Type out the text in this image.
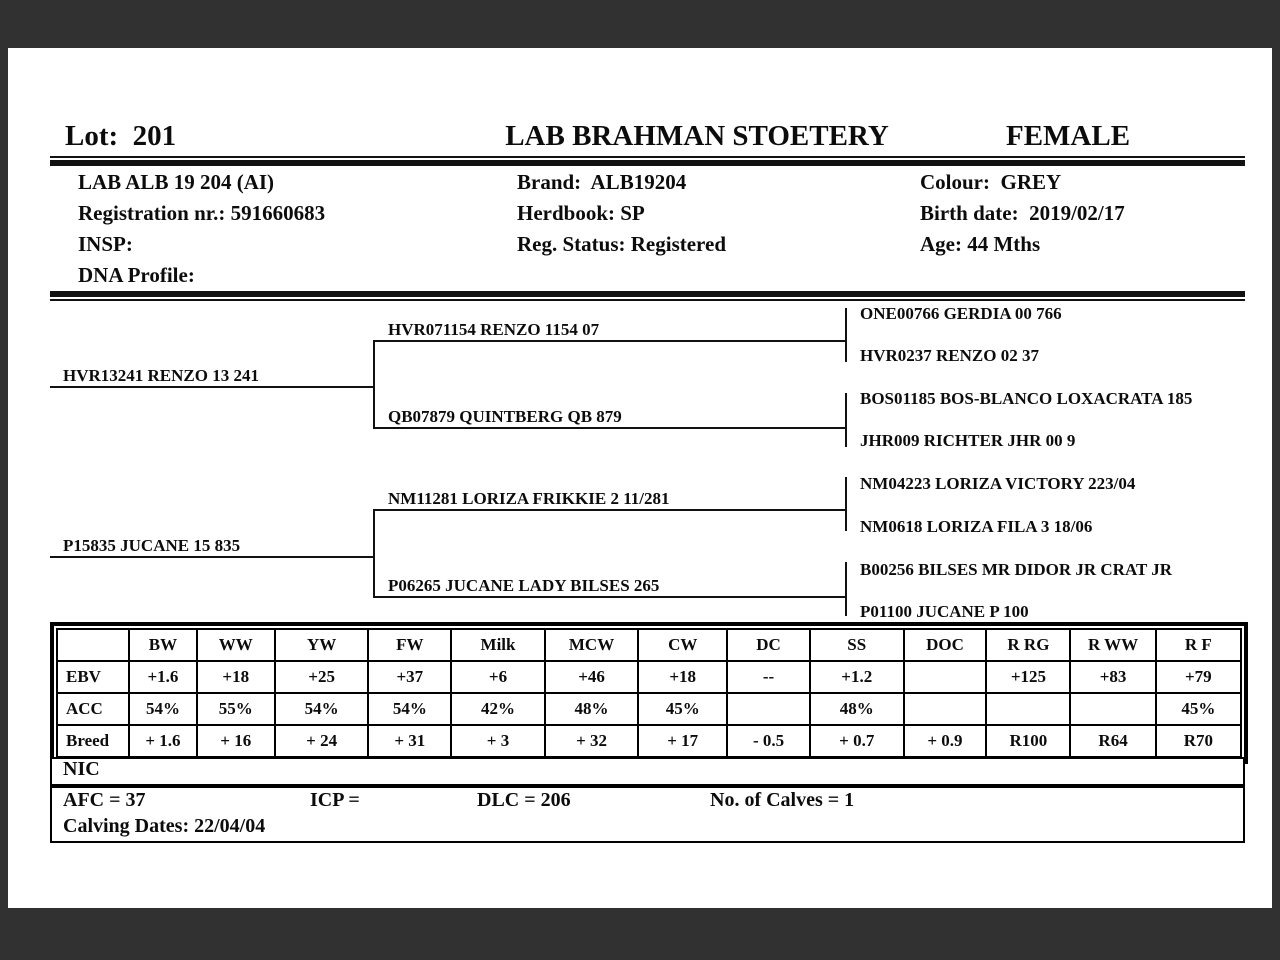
Lot:  201	LAB BRAHMAN STOETERY	FEMALE
LAB ALB 19 204 (AI)
Registration nr.: 591660683
INSP:
DNA Profile:
Brand:  ALB19204
Herdbook: SP
Reg. Status: Registered
Colour:  GREY
Birth date:  2019/02/17
Age: 44 Mths
HVR13241 RENZO 13 241
P15835 JUCANE 15 835
HVR071154 RENZO 1154 07
QB07879 QUINTBERG QB 879
NM11281 LORIZA FRIKKIE 2 11/281
P06265 JUCANE LADY BILSES 265
ONE00766 GERDIA 00 766
HVR0237 RENZO 02 37
BOS01185 BOS-BLANCO LOXACRATA 185
JHR009 RICHTER JHR 00 9
NM04223 LORIZA VICTORY 223/04
NM0618 LORIZA FILA 3 18/06
B00256 BILSES MR DIDOR JR CRAT JR
P01100 JUCANE P 100
	BW	WW	YW	FW	Milk	MCW	CW	DC	SS	DOC	R RG	R WW	R F
EBV	+1.6	+18	+25	+37	+6	+46	+18	--	+1.2		+125	+83	+79
ACC	54%	55%	54%	54%	42%	48%	45%		48%				45%
Breed	+ 1.6	+ 16	+ 24	+ 31	+ 3	+ 32	+ 17	- 0.5	+ 0.7	+ 0.9	R100	R64	R70
NIC
AFC = 37	ICP =	DLC = 206	No. of Calves = 1
Calving Dates: 22/04/04
